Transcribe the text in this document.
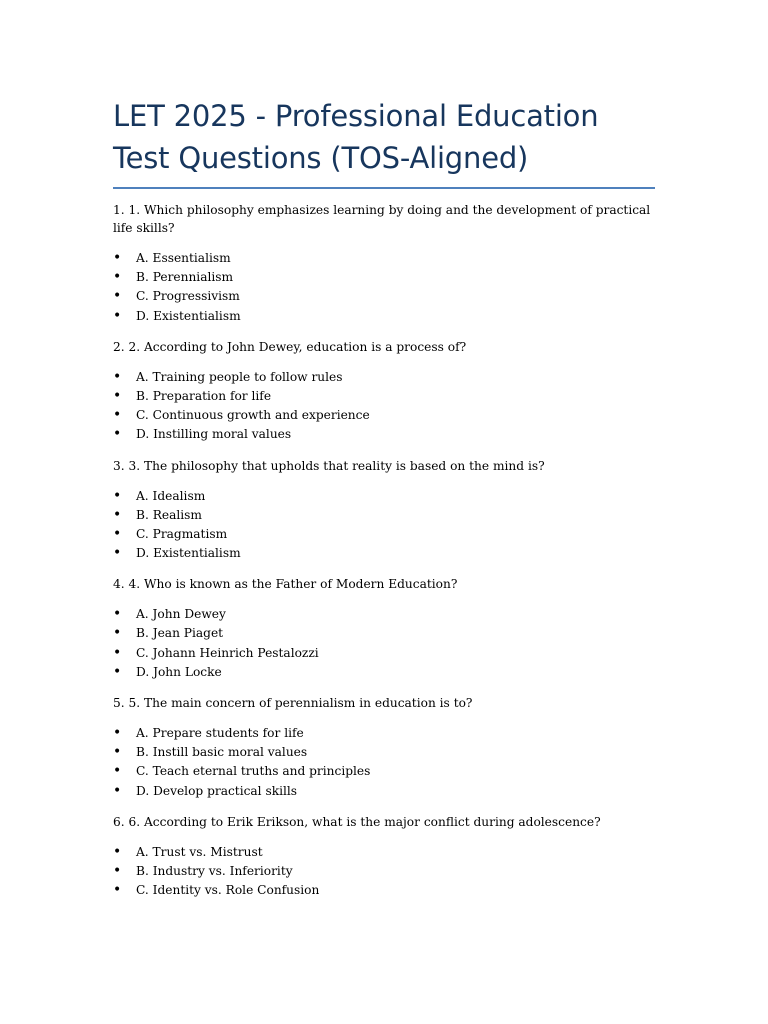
LET 2025 - Professional Education Test Questions (TOS-Aligned)

1. 1. Which philosophy emphasizes learning by doing and the development of practical life skills?

• A. Essentialism
• B. Perennialism
• C. Progressivism
• D. Existentialism

2. 2. According to John Dewey, education is a process of?

• A. Training people to follow rules
• B. Preparation for life
• C. Continuous growth and experience
• D. Instilling moral values

3. 3. The philosophy that upholds that reality is based on the mind is?

• A. Idealism
• B. Realism
• C. Pragmatism
• D. Existentialism

4. 4. Who is known as the Father of Modern Education?

• A. John Dewey
• B. Jean Piaget
• C. Johann Heinrich Pestalozzi
• D. John Locke

5. 5. The main concern of perennialism in education is to?

• A. Prepare students for life
• B. Instill basic moral values
• C. Teach eternal truths and principles
• D. Develop practical skills

6. 6. According to Erik Erikson, what is the major conflict during adolescence?

• A. Trust vs. Mistrust
• B. Industry vs. Inferiority
• C. Identity vs. Role Confusion
